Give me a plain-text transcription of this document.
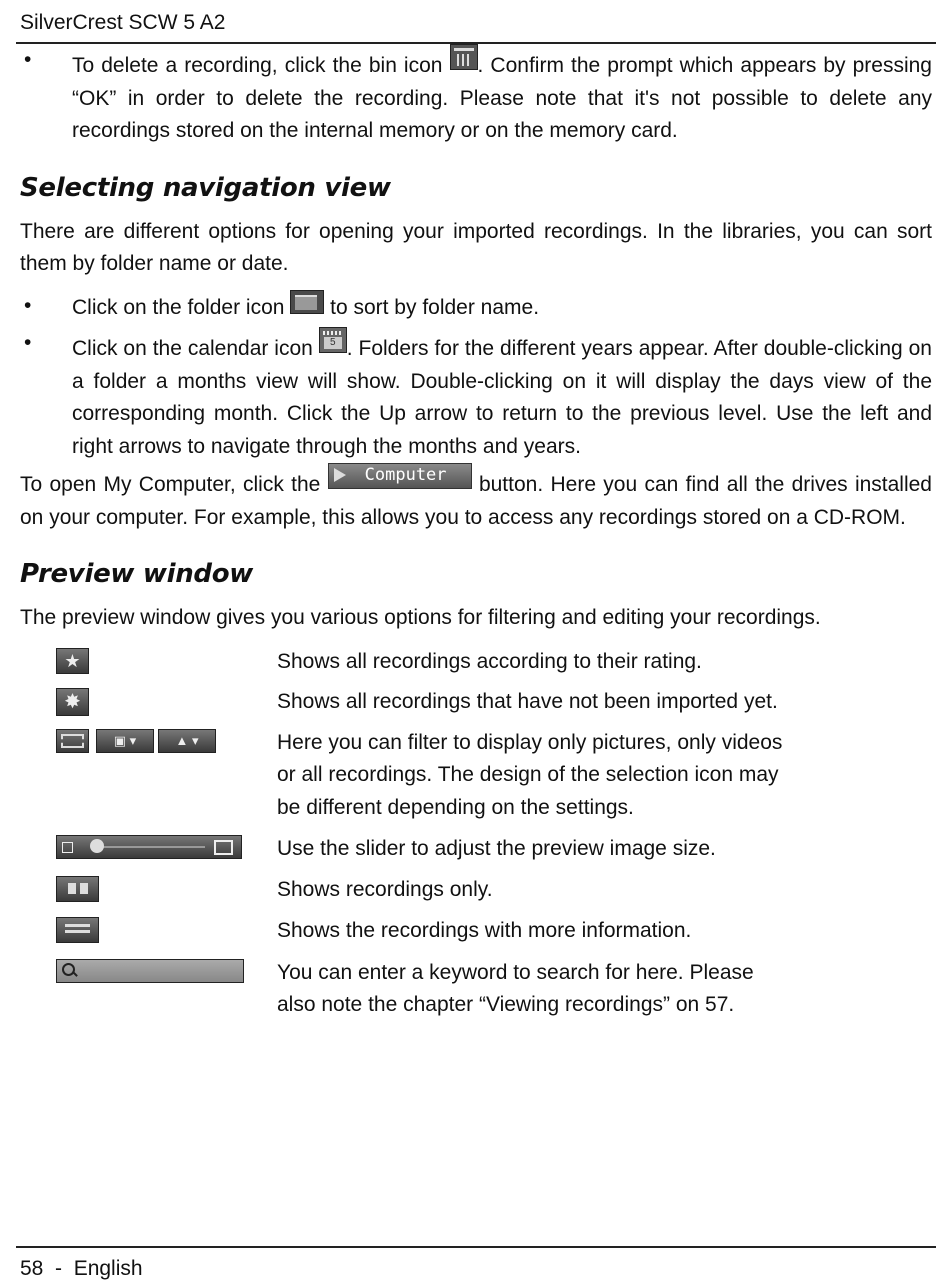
SilverCrest SCW 5 A2
• To delete a recording, click the bin icon . Confirm the prompt which appears by pressing “OK” in order to delete the recording. Please note that it's not possible to delete any recordings stored on the internal memory or on the memory card.
Selecting navigation view

There are different options for opening your imported recordings. In the libraries, you can sort them by folder name or date.

• Click on the folder icon  to sort by folder name.
• Click on the calendar icon	5 . Folders for the different years appear. After double-clicking on a folder a months view will show. Double-clicking on it will display the days view of the corresponding month. Click the Up arrow to return to the previous level. Use the left and right arrows to navigate through the months and years.

To open My Computer, click the Computer button. Here you can find all the drives installed on your computer. For example, this allows you to access any recordings stored on a CD-ROM.

Preview window

The preview window gives you various options for filtering and editing your recordings.

★	Shows all recordings according to their rating.
✸	Shows all recordings that have not been imported yet.
▣ ▾	▲ ▾	Here you can filter to display only pictures, only videos or all recordings. The design of the selection icon may be different depending on the settings.
Use the slider to adjust the preview image size.
Shows recordings only.
Shows the recordings with more information.
You can enter a keyword to search for here. Please also note the chapter “Viewing recordings” on 57.
58  -  English
